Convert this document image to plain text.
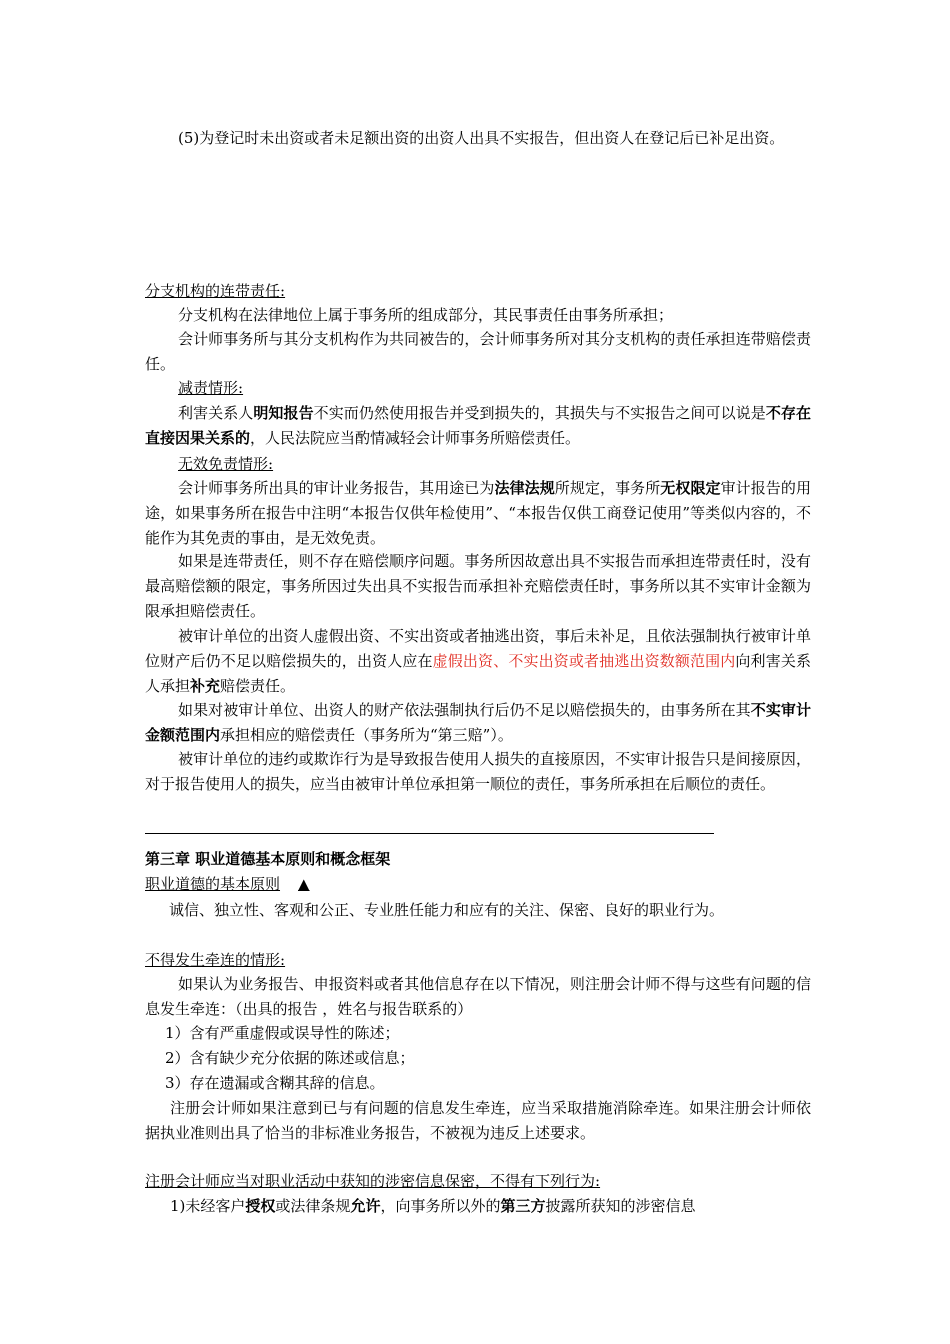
(5)为登记时未出资或者未足额出资的出资人出具不实报告，但出资人在登记后已补足出资。

分支机构的连带责任:

分支机构在法律地位上属于事务所的组成部分，其民事责任由事务所承担；

会计师事务所与其分支机构作为共同被告的，会计师事务所对其分支机构的责任承担连带赔偿责任。

减责情形:

利害关系人明知报告不实而仍然使用报告并受到损失的，其损失与不实报告之间可以说是不存在直接因果关系的，人民法院应当酌情减轻会计师事务所赔偿责任。

无效免责情形:

会计师事务所出具的审计业务报告，其用途已为法律法规所规定，事务所无权限定审计报告的用途，如果事务所在报告中注明“本报告仅供年检使用”、“本报告仅供工商登记使用”等类似内容的，不能作为其免责的事由，是无效免责。

如果是连带责任，则不存在赔偿顺序问题。事务所因故意出具不实报告而承担连带责任时，没有最高赔偿额的限定，事务所因过失出具不实报告而承担补充赔偿责任时，事务所以其不实审计金额为限承担赔偿责任。

被审计单位的出资人虚假出资、不实出资或者抽逃出资，事后未补足，且依法强制执行被审计单位财产后仍不足以赔偿损失的，出资人应在虚假出资、不实出资或者抽逃出资数额范围内向利害关系人承担补充赔偿责任。

如果对被审计单位、出资人的财产依法强制执行后仍不足以赔偿损失的，由事务所在其不实审计金额范围内承担相应的赔偿责任（事务所为“第三赔”）。

被审计单位的违约或欺诈行为是导致报告使用人损失的直接原因，不实审计报告只是间接原因，对于报告使用人的损失，应当由被审计单位承担第一顺位的责任，事务所承担在后顺位的责任。

第三章 职业道德基本原则和概念框架

职业道德的基本原则 ▲

诚信、独立性、客观和公正、专业胜任能力和应有的关注、保密、良好的职业行为。

不得发生牵连的情形:

如果认为业务报告、申报资料或者其他信息存在以下情况，则注册会计师不得与这些有问题的信息发生牵连：（出具的报告 ，姓名与报告联系的）

1）含有严重虚假或误导性的陈述；

2）含有缺少充分依据的陈述或信息；

3）存在遗漏或含糊其辞的信息。

注册会计师如果注意到已与有问题的信息发生牵连，应当采取措施消除牵连。如果注册会计师依据执业准则出具了恰当的非标准业务报告，不被视为违反上述要求。

注册会计师应当对职业活动中获知的涉密信息保密，不得有下列行为:

1)未经客户授权或法律条规允许，向事务所以外的第三方披露所获知的涉密信息
